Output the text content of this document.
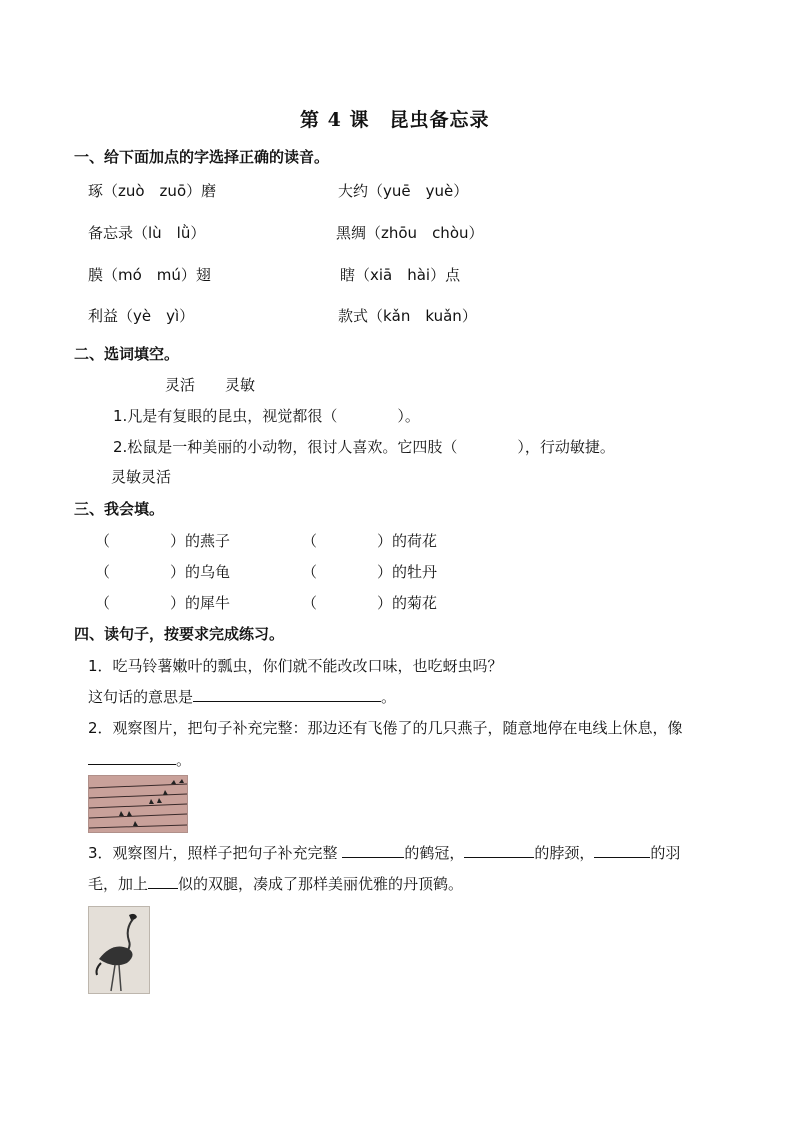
第 4 课　昆虫备忘录
一、给下面加点的字选择正确的读音。
琢（zuò　zuō）磨	大约（yuē　yuè）
备忘录（lù　lǜ）	黑绸（zhōu　chòu）
膜（mó　mú）翅	瞎（xiā　hài）点
利益（yè　yì）	款式（kǎn　kuǎn）
二、选词填空。
灵活　　灵敏
1.凡是有复眼的昆虫，视觉都很（　　　　）。
2.松鼠是一种美丽的小动物，很讨人喜欢。它四肢（　　　　），行动敏捷。
灵敏灵活
三、我会填。
（　　　　）的燕子	（　　　　）的荷花
（　　　　）的乌龟	（　　　　）的牡丹
（　　　　）的犀牛	（　　　　）的菊花
四、读句子，按要求完成练习。
1．吃马铃薯嫩叶的瓢虫，你们就不能改改口味，也吃蚜虫吗？
这句话的意思是	。
2．观察图片，把句子补充完整：那边还有飞倦了的几只燕子，随意地停在电线上休息，像
。
3．观察图片，照样子把句子补充完整	的鹤冠，	的脖颈，	的羽
毛，加上 似的双腿，凑成了那样美丽优雅的丹顶鹤。
